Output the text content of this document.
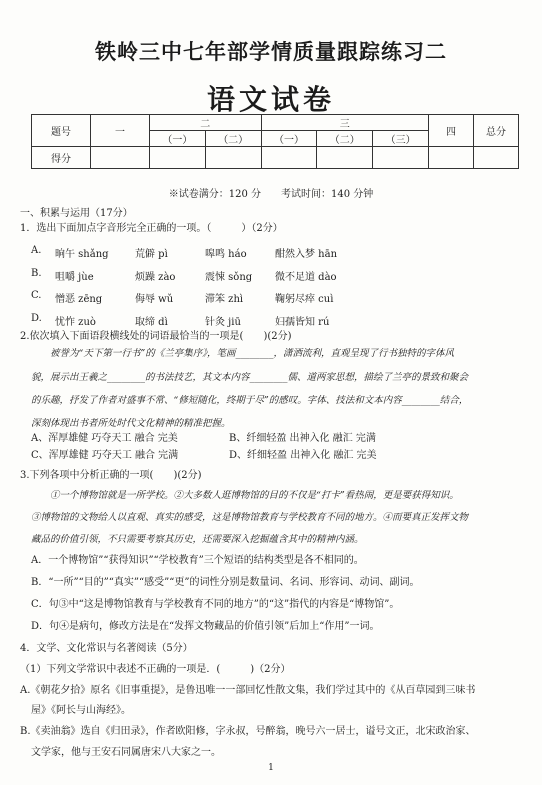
铁岭三中七年部学情质量跟踪练习二
语文试卷
题号	一	二		三			四	总分
		（一）	（二）	（一）	（二）	（三）		
得分								
※试卷满分：120 分　　考试时间：140 分钟
一、积累与运用（17分）
1．选出下面加点字音形完全正确的一项。（　　　）（2分）
A. 晌午 shǎng	荒僻 pì	嗥鸣 háo	酣然入梦 hān
B. 咀嚼 jùe	烦躁 zào	震悚 sǒng 微不足道 dào
C. 憎恶 zēng	侮辱 wǔ	滞笨 zhì	鞠躬尽瘁 cuì
D. 忧怍 zuò	取缔 dì	针灸 jiū	妇孺皆知 rú
2.依次填入下面语段横线处的词语最恰当的一项是(　　)(2分)
被誉为“天下第一行书”的《兰亭集序》，笔画________，潇洒流利，直观呈现了行书独特的字体风
貌，展示出王羲之________的书法技艺，其文本内容________儒、道两家思想，描绘了兰亭的景致和聚会
的乐趣，抒发了作者对盛事不常、“修短随化，终期于尽”的感叹。字体、技法和文本内容________结合，
深刻体现出书者所处时代文化精神的精准把握。
A、浑厚雄健 巧夺天工 融合 完美	B、纤细轻盈 出神入化 融汇 完满
C、浑厚雄健 巧夺天工 融合 完满	D、纤细轻盈 出神入化 融汇 完美
3.下列各项中分析正确的一项(　　)(2分)
①一个博物馆就是一所学校。②大多数人逛博物馆的目的不仅是“打卡”看热闹，更是要获得知识。
③博物馆的文物给人以直观、真实的感受，这是博物馆教育与学校教育不同的地方。④而要真正发挥文物
藏品的价值引领，不只需要考察其历史，还需要深入挖掘蕴含其中的精神内涵。
A．一个博物馆”“获得知识”“学校教育”三个短语的结构类型是各不相同的。
B．“一所”“目的”“真实”“感受”“更”的词性分别是数量词、名词、形容词、动词、副词。
C．句③中“这是博物馆教育与学校教育不同的地方”的“这”指代的内容是“博物馆”。
D．句④是病句，修改方法是在“发挥文物藏品的价值引领”后加上“作用”一词。
4．文学、文化常识与名著阅读（5分）
（1）下列文学常识中表述不正确的一项是．(　　　)（2分）
A.《朝花夕拾》原名《旧事重提》，是鲁迅唯一一部回忆性散文集，我们学过其中的《从百草园到三味书
屋》《阿长与山海经》。
B.《卖油翁》选自《归田录》，作者欧阳修，字永叔，号醉翁，晚号六一居士，谥号文正，北宋政治家、
文学家，他与王安石同属唐宋八大家之一。
1
